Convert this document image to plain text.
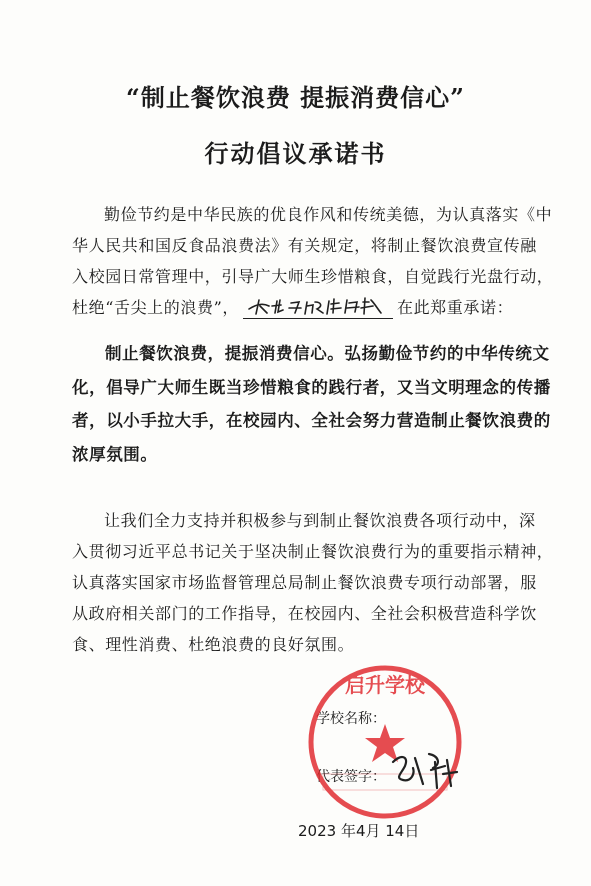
“制止餐饮浪费 提振消费信心”
行动倡议承诺书
勤俭节约是中华民族的优良作风和传统美德，为认真落实《中
华人民共和国反食品浪费法》有关规定，将制止餐饮浪费宣传融
入校园日常管理中，引导广大师生珍惜粮食，自觉践行光盘行动，
杜绝“舌尖上的浪费”，	在此郑重承诺：
制止餐饮浪费，提振消费信心。弘扬勤俭节约的中华传统文
化，倡导广大师生既当珍惜粮食的践行者，又当文明理念的传播
者，以小手拉大手，在校园内、全社会努力营造制止餐饮浪费的
浓厚氛围。
让我们全力支持并积极参与到制止餐饮浪费各项行动中，深
入贯彻习近平总书记关于坚决制止餐饮浪费行为的重要指示精神，
认真落实国家市场监督管理总局制止餐饮浪费专项行动部署，服
从政府相关部门的工作指导，在校园内、全社会积极营造科学饮
食、理性消费、杜绝浪费的良好氛围。
学校名称：
代表签字：
启升学校
2023 年4月 14日
